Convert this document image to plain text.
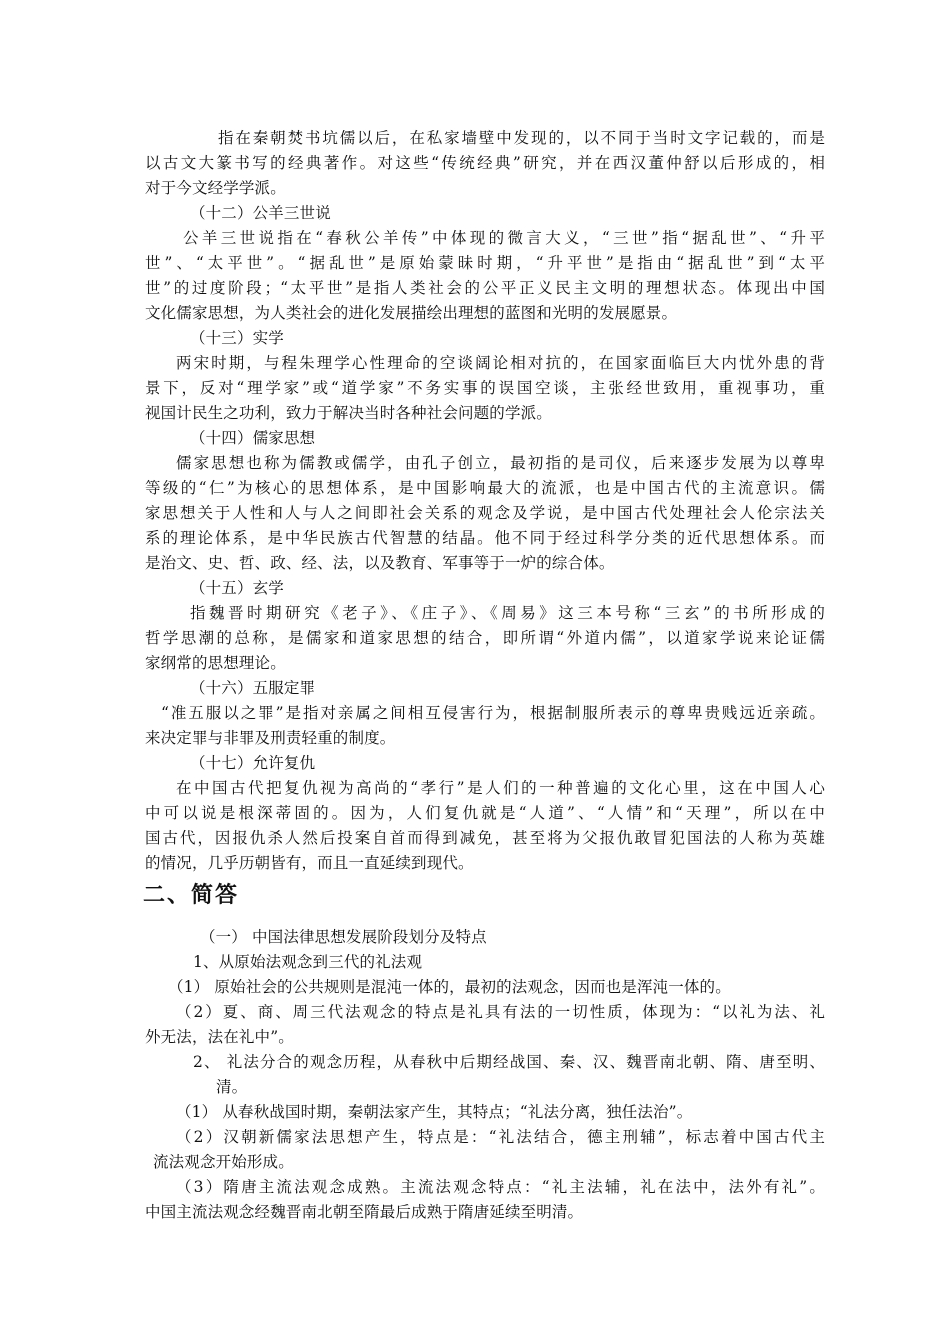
指在秦朝焚书坑儒以后，在私家墙壁中发现的，以不同于当时文字记载的，而是
以古文大篆书写的经典著作。对这些“传统经典”研究，并在西汉董仲舒以后形成的，相
对于今文经学学派。
（十二）公羊三世说
公羊三世说指在“春秋公羊传”中体现的微言大义，“三世”指“据乱世”、“升平
世”、“太平世”。“据乱世”是原始蒙昧时期，“升平世”是指由“据乱世”到“太平
世”的过度阶段；“太平世”是指人类社会的公平正义民主文明的理想状态。体现出中国
文化儒家思想，为人类社会的进化发展描绘出理想的蓝图和光明的发展愿景。
（十三）实学
两宋时期，与程朱理学心性理命的空谈阔论相对抗的，在国家面临巨大内忧外患的背
景下，反对“理学家”或“道学家”不务实事的误国空谈，主张经世致用，重视事功，重
视国计民生之功利，致力于解决当时各种社会问题的学派。
（十四）儒家思想
儒家思想也称为儒教或儒学，由孔子创立，最初指的是司仪，后来逐步发展为以尊卑
等级的“仁”为核心的思想体系，是中国影响最大的流派，也是中国古代的主流意识。儒
家思想关于人性和人与人之间即社会关系的观念及学说，是中国古代处理社会人伦宗法关
系的理论体系，是中华民族古代智慧的结晶。他不同于经过科学分类的近代思想体系。而
是治文、史、哲、政、经、法，以及教育、军事等于一炉的综合体。
（十五）玄学
指魏晋时期研究《老子》、《庄子》、《周易》这三本号称“三玄”的书所形成的
哲学思潮的总称，是儒家和道家思想的结合，即所谓“外道内儒”，以道家学说来论证儒
家纲常的思想理论。
（十六）五服定罪
“准五服以之罪”是指对亲属之间相互侵害行为，根据制服所表示的尊卑贵贱远近亲疏。
来决定罪与非罪及刑责轻重的制度。
（十七）允许复仇
在中国古代把复仇视为高尚的“孝行”是人们的一种普遍的文化心里，这在中国人心
中可以说是根深蒂固的。因为，人们复仇就是“人道”、“人情”和“天理”，所以在中
国古代，因报仇杀人然后投案自首而得到减免，甚至将为父报仇敢冒犯国法的人称为英雄
的情况，几乎历朝皆有，而且一直延续到现代。
二、简答
（一） 中国法律思想发展阶段划分及特点
1、从原始法观念到三代的礼法观
（1） 原始社会的公共规则是混沌一体的，最初的法观念，因而也是浑沌一体的。
（2）夏、商、周三代法观念的特点是礼具有法的一切性质，体现为：“以礼为法、礼
外无法，法在礼中”。
2、 礼法分合的观念历程，从春秋中后期经战国、秦、汉、魏晋南北朝、隋、唐至明、
清。
（1） 从春秋战国时期，秦朝法家产生，其特点；“礼法分离，独任法治”。
（2）汉朝新儒家法思想产生，特点是：“礼法结合，德主刑辅”，标志着中国古代主
流法观念开始形成。
（3）隋唐主流法观念成熟。主流法观念特点：“礼主法辅，礼在法中，法外有礼”。
中国主流法观念经魏晋南北朝至隋最后成熟于隋唐延续至明清。
